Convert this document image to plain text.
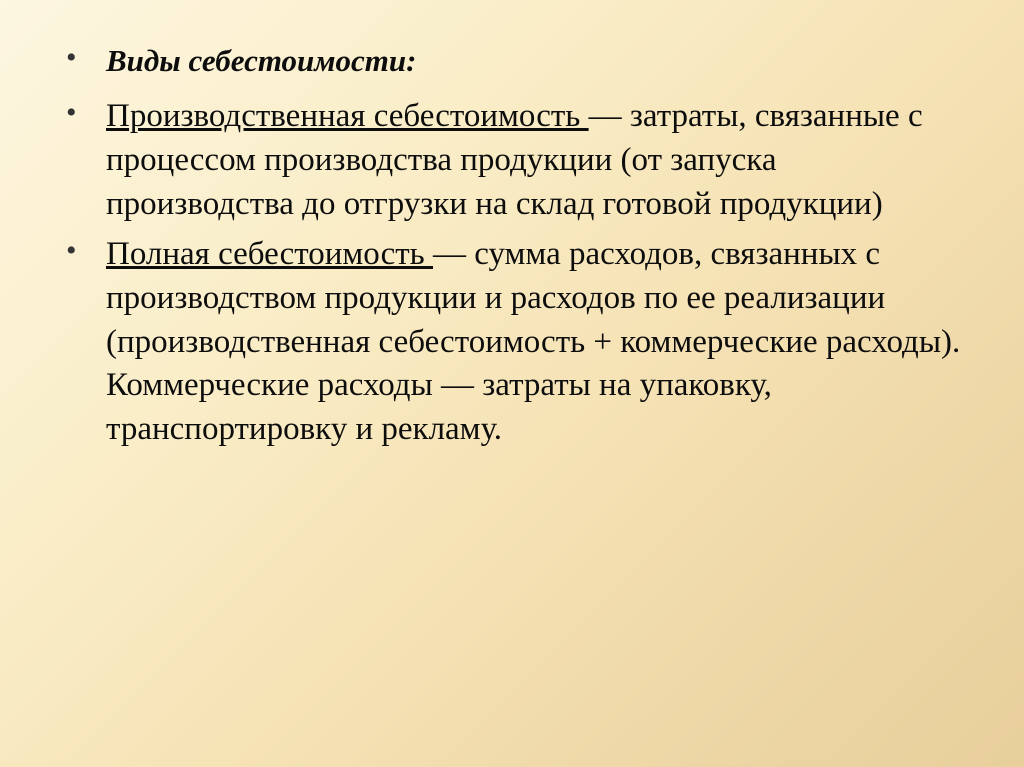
• Виды себестоимости:
• Производственная себестоимость — затраты, связанные с процессом производства продукции (от запуска производства до отгрузки на склад готовой продукции)
• Полная себестоимость — сумма расходов, связанных с производством продукции и расходов по ее реализации (производственная себестоимость + коммерческие расходы). Коммерческие расходы — затраты на упаковку, транспортировку и рекламу.
